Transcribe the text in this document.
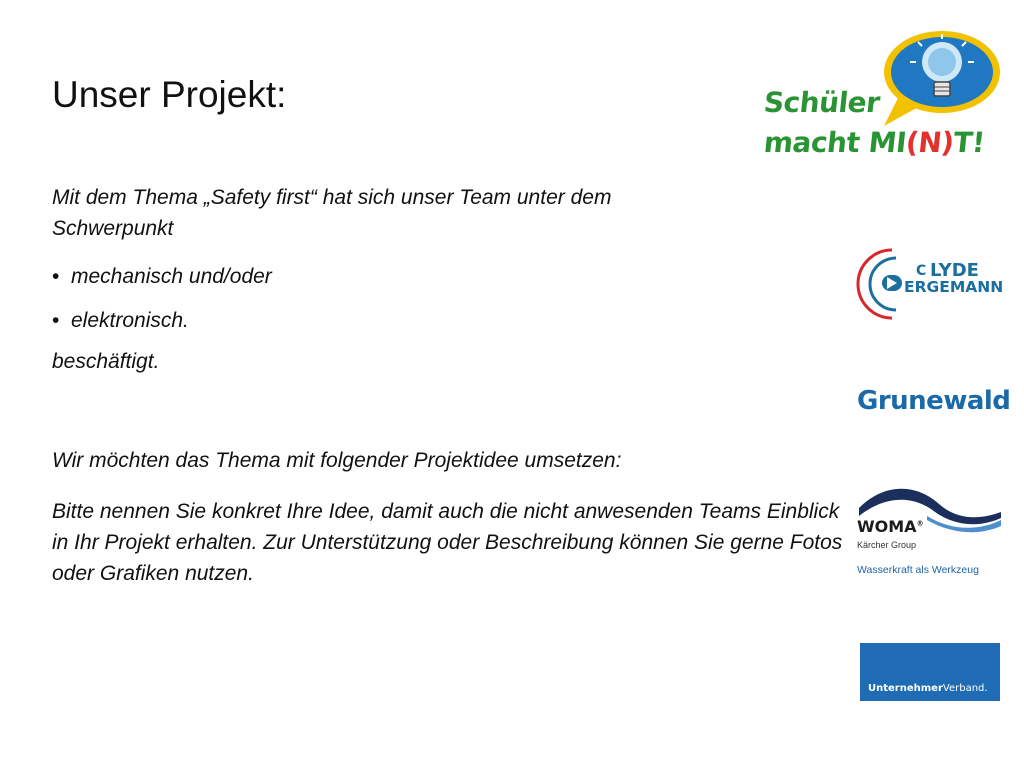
Unser Projekt:

Mit dem Thema „Safety first“ hat sich unser Team unter dem Schwerpunkt

• mechanisch und/oder
• elektronisch.

beschäftigt.

Wir möchten das Thema mit folgender Projektidee umsetzen:

Bitte nennen Sie konkret Ihre Idee, damit auch die nicht anwesenden Teams Einblick in Ihr Projekt erhalten. Zur Unterstützung oder Beschreibung können Sie gerne Fotos oder Grafiken nutzen.

Schüler
macht MI(N)T!
C LYDE
ERGEMANN
Grunewald
WOMA®
Kärcher Group
Wasserkraft als Werkzeug
UnternehmerVerband.
